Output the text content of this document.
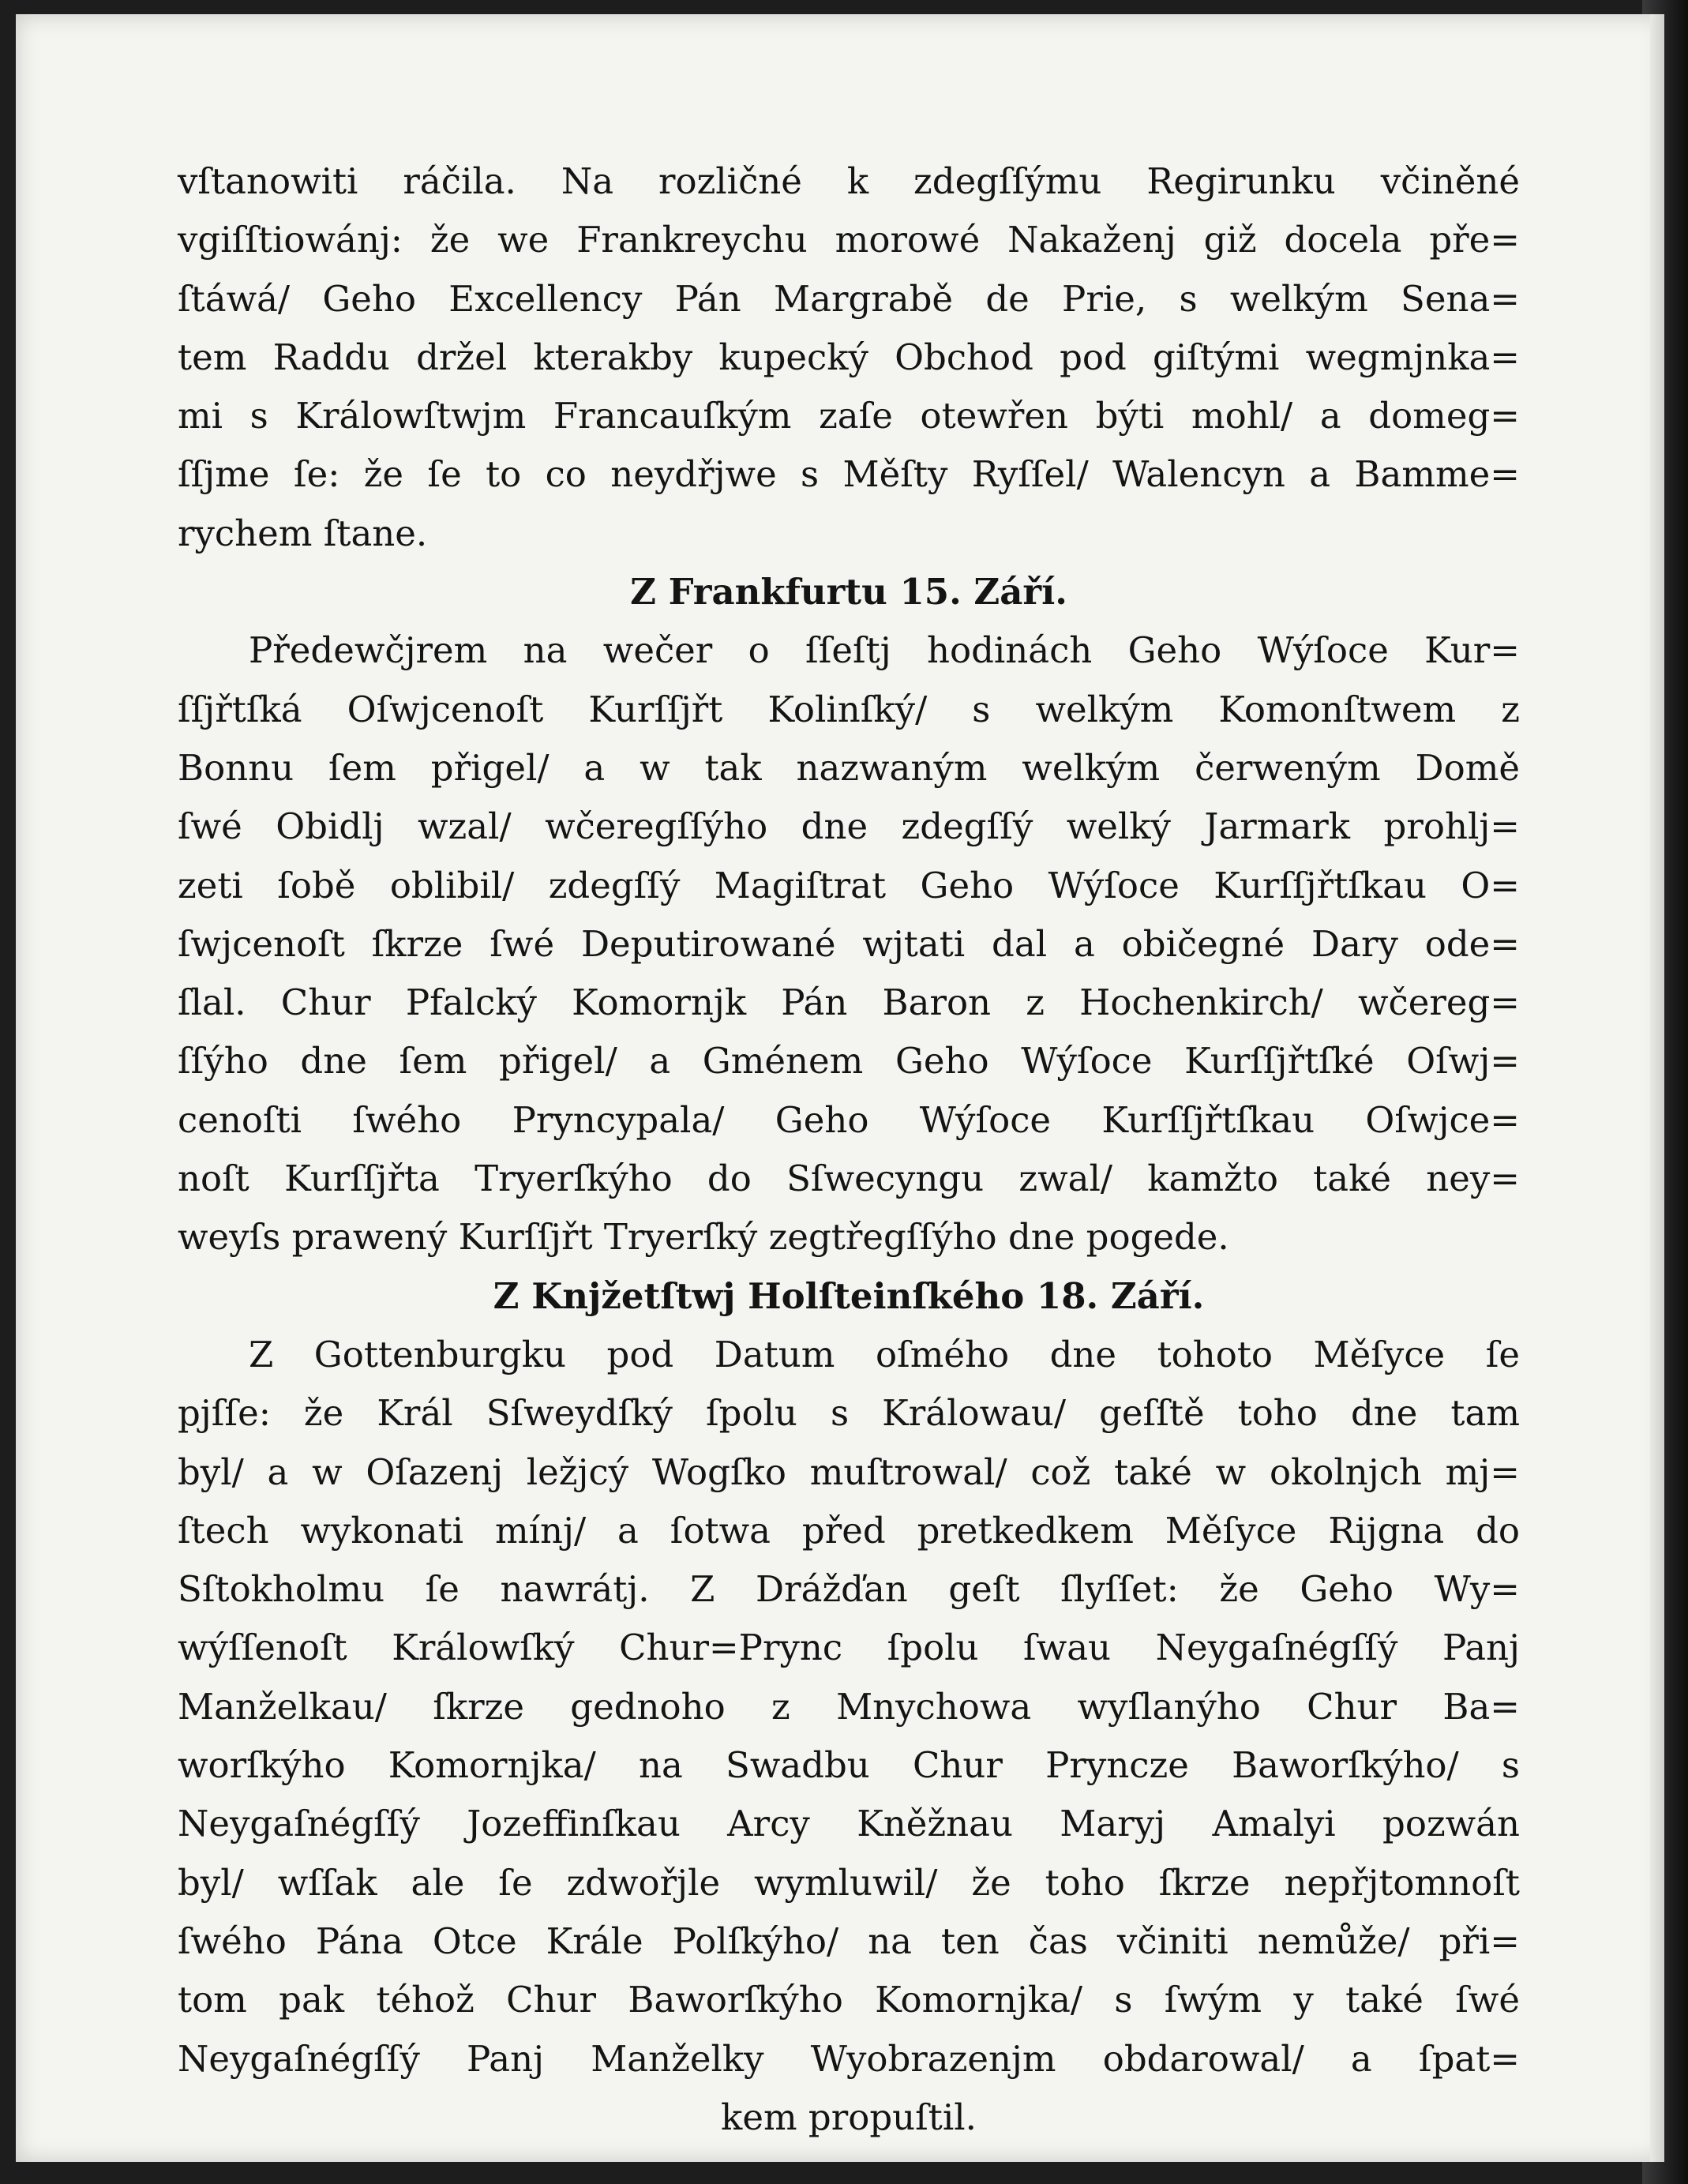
vſtanowiti ráčila. Na rozličné k zdegſſýmu Regirunku včiněné

vgiſſtiowánj: že we Frankreychu morowé Nakaženj giž docela pře=

ſtáwá/ Geho Excellency Pán Margrabě de Prie, s welkým Sena=

tem Raddu držel kterakby kupecký Obchod pod giſtými wegmjnka=

mi s Králowſtwjm Francauſkým zaſe otewřen býti mohl/ a domeg=

ſſjme ſe: že ſe to co neydřjwe s Měſty Ryſſel/ Walencyn a Bamme=

rychem ſtane.

Z Frankfurtu 15. Září.

Předewčjrem na wečer o ſſeſtj hodinách Geho Wýſoce Kur=

ſſjřtſká Oſwjcenoſt Kurſſjřt Kolinſký/ s welkým Komonſtwem z

Bonnu ſem přigel/ a w tak nazwaným welkým čerweným Domě

ſwé Obidlj wzal/ wčeregſſýho dne zdegſſý welký Jarmark prohlj=

zeti ſobě oblibil/ zdegſſý Magiſtrat Geho Wýſoce Kurſſjřtſkau O=

ſwjcenoſt ſkrze ſwé Deputirowané wjtati dal a običegné Dary ode=

ſlal. Chur Pfalcký Komornjk Pán Baron z Hochenkirch/ wčereg=

ſſýho dne ſem přigel/ a Gménem Geho Wýſoce Kurſſjřtſké Oſwj=

cenoſti ſwého Pryncypala/ Geho Wýſoce Kurſſjřtſkau Oſwjce=

noſt Kurſſjřta Tryerſkýho do Sſwecyngu zwal/ kamžto také ney=

weyſs prawený Kurſſjřt Tryerſký zegtřegſſýho dne pogede.

Z Knjžetſtwj Holſteinſkého 18. Září.

Z Gottenburgku pod Datum oſmého dne tohoto Měſyce ſe

pjſſe: že Král Sſweydſký ſpolu s Králowau/ geſſtě toho dne tam

byl/ a w Oſazenj ležjcý Wogſko muſtrowal/ což také w okolnjch mj=

ſtech wykonati mínj/ a ſotwa před pretkedkem Měſyce Rijgna do

Sſtokholmu ſe nawrátj. Z Drážďan geſt ſlyſſet: že Geho Wy=

wýſſenoſt Králowſký Chur=Prync ſpolu ſwau Neygaſnégſſý Panj

Manželkau/ ſkrze gednoho z Mnychowa wyſlanýho Chur Ba=

worſkýho Komornjka/ na Swadbu Chur Pryncze Baworſkýho/ s

Neygaſnégſſý Jozeffinſkau Arcy Kněžnau Maryj Amalyi pozwán

byl/ wſſak ale ſe zdwořjle wymluwil/ že toho ſkrze nepřjtomnoſt

ſwého Pána Otce Krále Polſkýho/ na ten čas včiniti nemůže/ při=

tom pak téhož Chur Baworſkýho Komornjka/ s ſwým y také ſwé

Neygaſnégſſý Panj Manželky Wyobrazenjm obdarowal/ a ſpat=

kem propuſtil.
